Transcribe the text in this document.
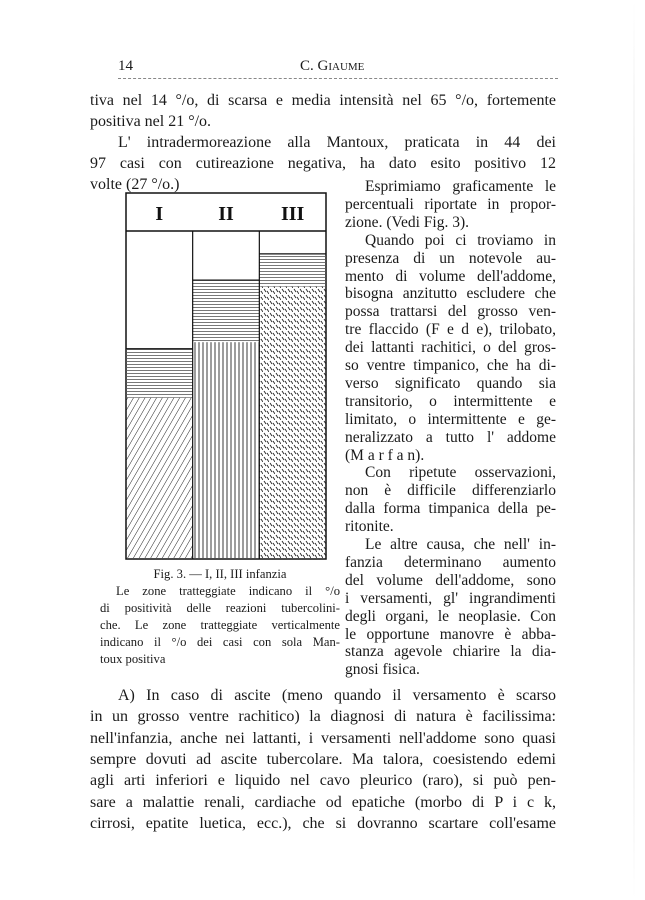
14	C. Giaume
I	II III
Fig. 3. — I, II, III infanzia
Le zone tratteggiate indicano il °/o
di positività delle reazioni tubercolini-
che. Le zone tratteggiate verticalmente
indicano il °/o dei casi con sola Man-
toux positiva
tiva nel 14 °/o, di scarsa e media intensità nel 65 °/o, fortemente
positiva nel 21 °/o.
L' intradermoreazione alla Mantoux, praticata in 44 dei
97 casi con cutireazione negativa, ha dato esito positivo 12
volte (27 °/o.)	Esprimiamo graficamente le
percentuali riportate in propor-
zione. (Vedi Fig. 3).
Quando poi ci troviamo in
presenza di un notevole au-
mento di volume dell'addome,
bisogna anzitutto escludere che
possa trattarsi del grosso ven-
tre flaccido (F e d e), trilobato,
dei lattanti rachitici, o del gros-
so ventre timpanico, che ha di-
verso significato quando sia
transitorio, o intermittente e
limitato, o intermittente e ge-
neralizzato a tutto l' addome
(M a r f a n).
Con ripetute osservazioni,
non è difficile differenziarlo
dalla forma timpanica della pe-
ritonite.
Le altre causa, che nell' in-
fanzia determinano aumento
del volume dell'addome, sono
i versamenti, gl' ingrandimenti
degli organi, le neoplasie. Con
le opportune manovre è abba-
stanza agevole chiarire la dia-
gnosi fisica.
A) In caso di ascite (meno quando il versamento è scarso
in un grosso ventre rachitico) la diagnosi di natura è facilissima:
nell'infanzia, anche nei lattanti, i versamenti nell'addome sono quasi
sempre dovuti ad ascite tubercolare. Ma talora, coesistendo edemi
agli arti inferiori e liquido nel cavo pleurico (raro), si può pen-
sare a malattie renali, cardiache od epatiche (morbo di P i c k,
cirrosi, epatite luetica, ecc.), che si dovranno scartare coll'esame
